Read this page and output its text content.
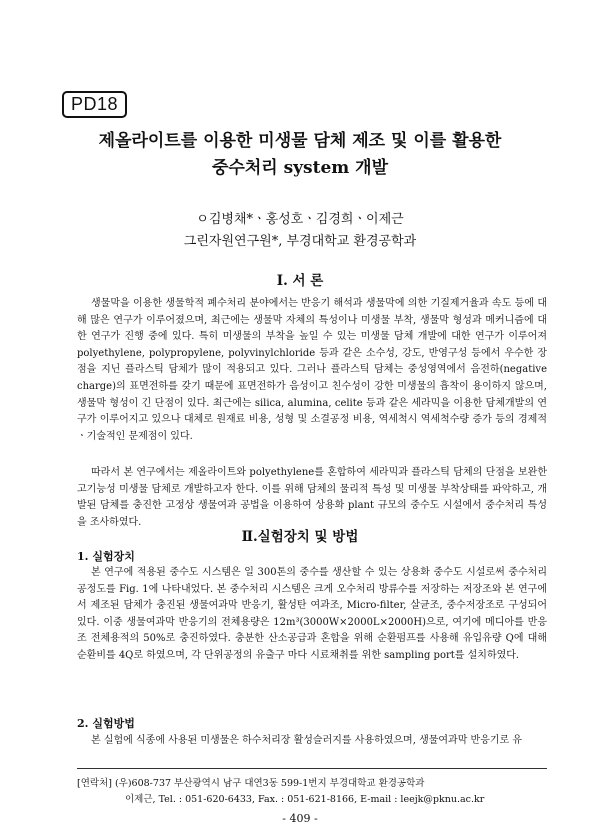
PD18
제올라이트를 이용한 미생물 담체 제조 및 이를 활용한
중수처리 system 개발
ㅇ김병채*ㆍ홍성호ㆍ김경희ㆍ이제근
그린자원연구원*, 부경대학교 환경공학과
Ⅰ. 서 론

생물막을 이용한 생물학적 폐수처리 분야에서는 반응기 해석과 생물막에 의한 기질제거율과 속도 등에 대해 많은 연구가 이루어졌으며, 최근에는 생물막 자체의 특성이나 미생물 부착, 생물막 형성과 메커니즘에 대한 연구가 진행 중에 있다. 특히 미생물의 부착을 높일 수 있는 미생물 담체 개발에 대한 연구가 이루어져 polyethylene, polypropylene, polyvinylchloride 등과 같은 소수성, 강도, 반영구성 등에서 우수한 장점을 지닌 플라스틱 담체가 많이 적용되고 있다. 그러나 플라스틱 담체는 중성영역에서 음전하(negative charge)의 표면전하를 갖기 때문에 표면전하가 음성이고 친수성이 강한 미생물의 흡착이 용이하지 않으며, 생물막 형성이 긴 단점이 있다. 최근에는 silica, alumina, celite 등과 같은 세라믹을 이용한 담체개발의 연구가 이루어지고 있으나 대체로 원재료 비용, 성형 및 소결공정 비용, 역세척시 역세척수량 증가 등의 경제적ㆍ기술적인 문제점이 있다.

따라서 본 연구에서는 제올라이트와 polyethylene를 혼합하여 세라믹과 플라스틱 담체의 단점을 보완한 고기능성 미생물 담체로 개발하고자 한다. 이를 위해 담체의 물리적 특성 및 미생물 부착상태를 파악하고, 개발된 담체를 충진한 고정상 생물여과 공법을 이용하여 상용화 plant 규모의 중수도 시설에서 중수처리 특성을 조사하였다.

Ⅱ.실험장치 및 방법
1. 실험장치

본 연구에 적용된 중수도 시스템은 일 300톤의 중수를 생산할 수 있는 상용화 중수도 시설로써 중수처리 공정도를 Fig. 1에 나타내었다. 본 중수처리 시스템은 크게 오수처리 방류수를 저장하는 저장조와 본 연구에서 제조된 담체가 충진된 생물여과막 반응기, 활성탄 여과조, Micro-filter, 살균조, 중수저장조로 구성되어 있다. 이중 생물여과막 반응기의 전체용량은 12m³(3000W×2000L×2000H)으로, 여기에 메디아를 반응조 전체용적의 50%로 충진하였다. 충분한 산소공급과 혼합을 위해 순환펌프를 사용해 유입유량 Q에 대해 순환비를 4Q로 하였으며, 각 단위공정의 유출구 마다 시료채취를 위한 sampling port를 설치하였다.

2. 실험방법

본 실험에 식종에 사용된 미생물은 하수처리장 활성슬러지를 사용하였으며, 생물여과막 반응기로 유

[연락처] (우)608-737 부산광역시 남구 대연3동 599-1번지 부경대학교 환경공학과
이제근, Tel. : 051-620-6433, Fax. : 051-621-8166, E-mail : leejk@pknu.ac.kr
- 409 -
